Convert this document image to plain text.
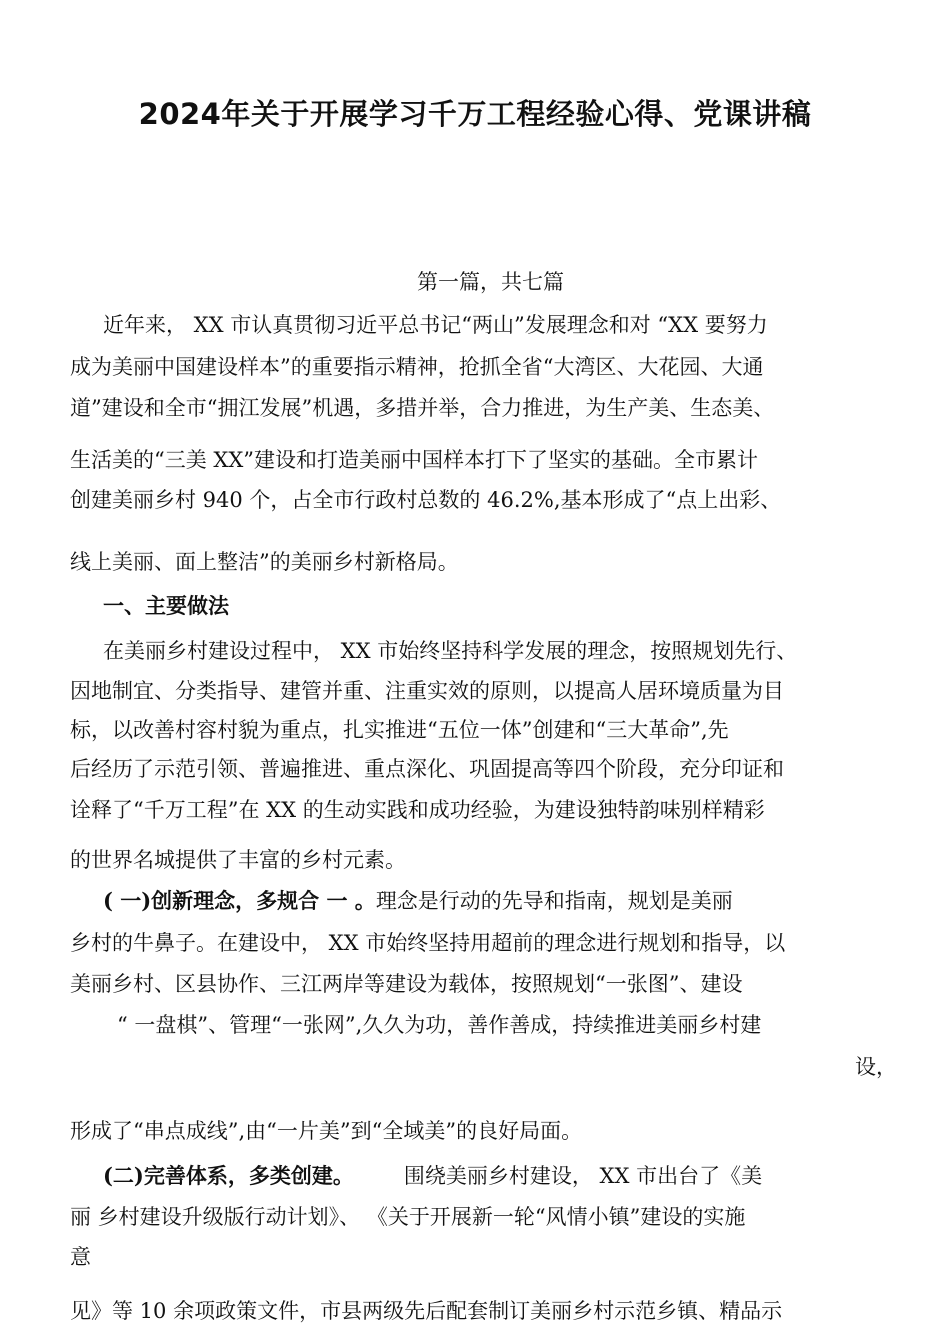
2024年关于开展学习千万工程经验心得、党课讲稿
第一篇，共七篇
近年来， XX 市认真贯彻习近平总书记“两山”发展理念和对 “XX 要努力
成为美丽中国建设样本”的重要指示精神，抢抓全省“大湾区、大花园、大通
道”建设和全市“拥江发展”机遇，多措并举，合力推进，为生产美、生态美、
生活美的“三美 XX”建设和打造美丽中国样本打下了坚实的基础。全市累计
创建美丽乡村 940 个，占全市行政村总数的 46.2%,基本形成了“点上出彩、
线上美丽、面上整洁”的美丽乡村新格局。
一、主要做法
在美丽乡村建设过程中， XX 市始终坚持科学发展的理念，按照规划先行、
因地制宜、分类指导、建管并重、注重实效的原则，以提高人居环境质量为目
标，以改善村容村貌为重点，扎实推进“五位一体”创建和“三大革命”,先
后经历了示范引领、普遍推进、重点深化、巩固提高等四个阶段，充分印证和
诠释了“千万工程”在 XX 的生动实践和成功经验，为建设独特韵味别样精彩
的世界名城提供了丰富的乡村元素。
( 一)创新理念，多规合 一 。理念是行动的先导和指南，规划是美丽
乡村的牛鼻子。在建设中， XX 市始终坚持用超前的理念进行规划和指导，以
美丽乡村、区县协作、三江两岸等建设为载体，按照规划“一张图”、建设
“ 一盘棋”、管理“一张网”,久久为功，善作善成，持续推进美丽乡村建
设，
形成了“串点成线”,由“一片美”到“全域美”的良好局面。
(二)完善体系，多类创建。 围绕美丽乡村建设， XX 市出台了《美
丽 乡村建设升级版行动计划》、 《关于开展新一轮“风情小镇”建设的实施
意
见》等 10 余项政策文件，市县两级先后配套制订美丽乡村示范乡镇、精品示
